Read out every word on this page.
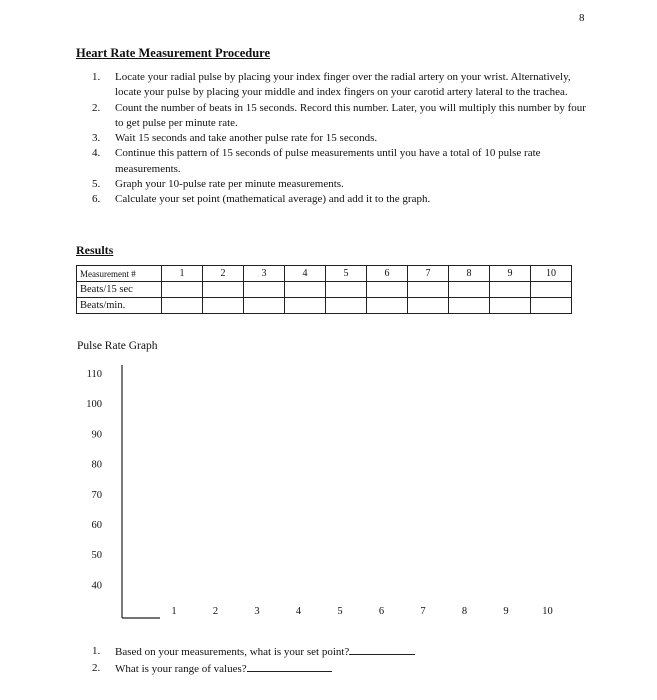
8
Heart Rate Measurement Procedure
1. Locate your radial pulse by placing your index finger over the radial artery on your wrist. Alternatively, locate your pulse by placing your middle and index fingers on your carotid artery lateral to the trachea.
2. Count the number of beats in 15 seconds. Record this number. Later, you will multiply this number by four to get pulse per minute rate.
3. Wait 15 seconds and take another pulse rate for 15 seconds.
4. Continue this pattern of 15 seconds of pulse measurements until you have a total of 10 pulse rate measurements.
5. Graph your 10-pulse rate per minute measurements.
6. Calculate your set point (mathematical average) and add it to the graph.
Results
Measurement #	1	2	3	4	5	6	7	8	9	10
Beats/15 sec										
Beats/min.										
Pulse Rate Graph
110
100
90
80
70
60
50
40
1	2	3	4	5	6	7	8	9	10
1. Based on your measurements, what is your set point?
2. What is your range of values?
